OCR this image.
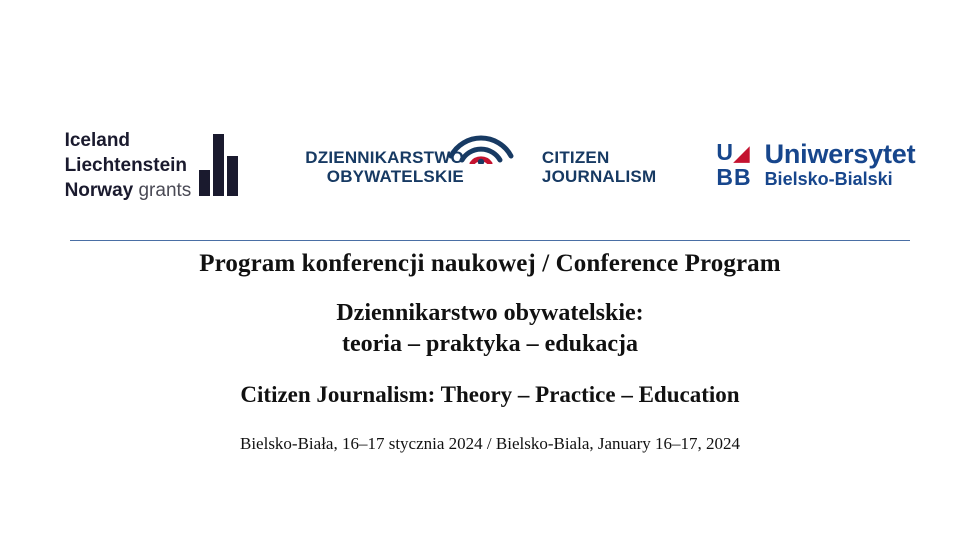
Iceland
Liechtenstein
Norway grants
DZIENNIKARSTWO
OBYWATELSKIE
CITIZEN
JOURNALISM
U◢
BB
Uniwersytet
Bielsko-Bialski

Program konferencji naukowej / Conference Program

Dziennikarstwo obywatelskie:

teoria – praktyka – edukacja

Citizen Journalism: Theory – Practice – Education

Bielsko-Biała, 16–17 stycznia 2024 / Bielsko-Biala, January 16–17, 2024
